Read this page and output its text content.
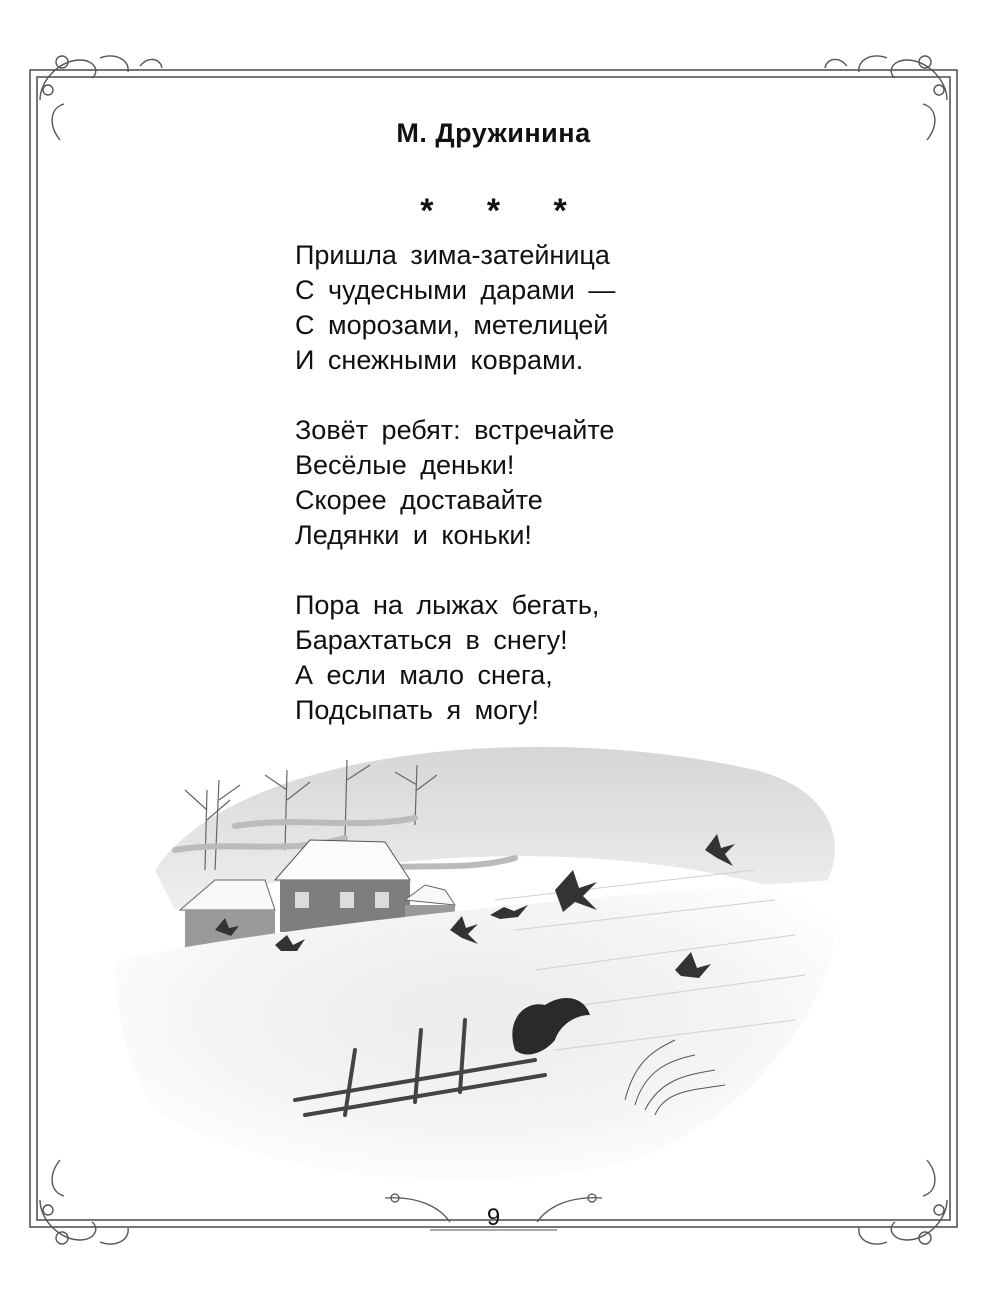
М. Дружинина
* * *
Пришла зима-затейница
С чудесными дарами —
С морозами, метелицей
И снежными коврами.
Зовёт ребят: встречайте
Весёлые деньки!
Скорее доставайте
Ледянки и коньки!
Пора на лыжах бегать,
Барахтаться в снегу!
А если мало снега,
Подсыпать я могу!
9
